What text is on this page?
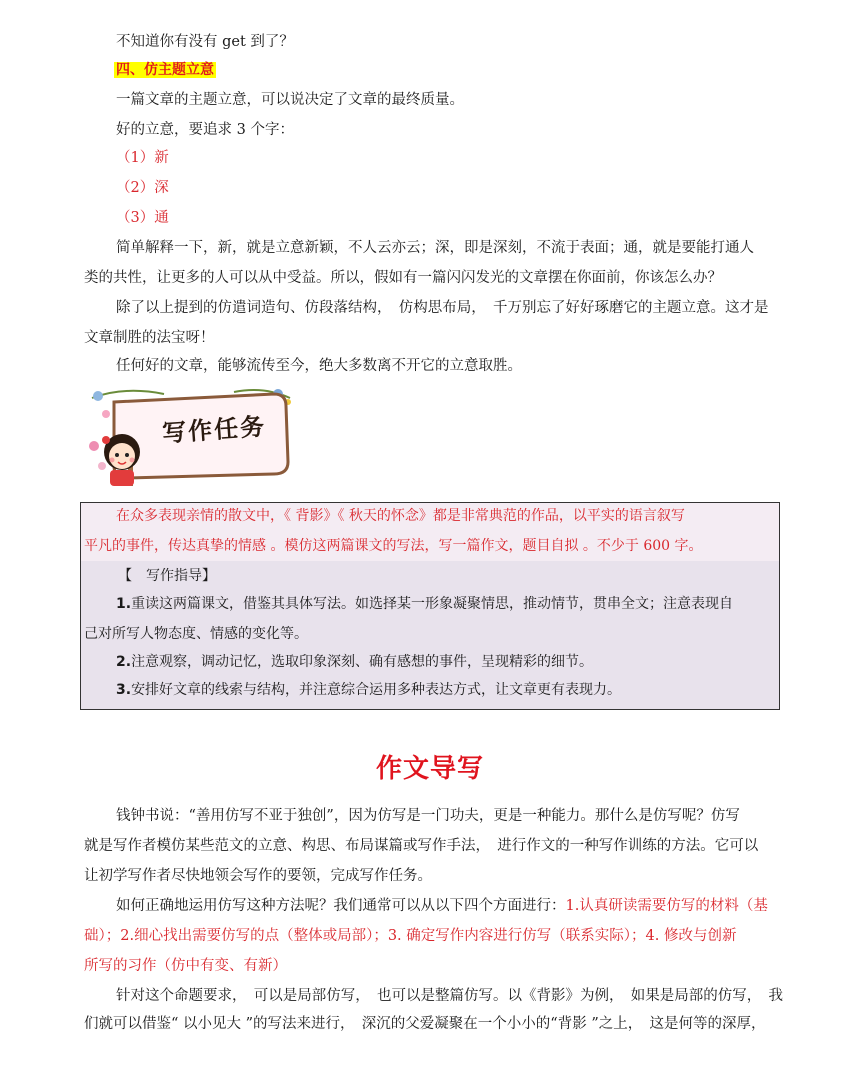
不知道你有没有 get 到了？
四、仿主题立意
一篇文章的主题立意，可以说决定了文章的最终质量。
好的立意，要追求 3 个字：
（1）新
（2）深
（3）通
简单解释一下，新，就是立意新颖，不人云亦云；深，即是深刻，不流于表面；通，就是要能打通人
类的共性，让更多的人可以从中受益。所以，假如有一篇闪闪发光的文章摆在你面前，你该怎么办？
除了以上提到的仿遣词造句、仿段落结构，　仿构思布局，　千万别忘了好好琢磨它的主题立意。这才是
文章制胜的法宝呀！
任何好的文章，能够流传至今，绝大多数离不开它的立意取胜。
写作任务
在众多表现亲情的散文中，《 背影》《 秋天的怀念》都是非常典范的作品，以平实的语言叙写
平凡的事件，传达真挚的情感 。模仿这两篇课文的写法，写一篇作文，题目自拟 。不少于 600 字。
【　写作指导】
1.重读这两篇课文，借鉴其具体写法。如选择某一形象凝聚情思，推动情节，贯串全文；注意表现自
己对所写人物态度、情感的变化等。
2.注意观察，调动记忆，选取印象深刻、确有感想的事件，呈现精彩的细节。
3.安排好文章的线索与结构，并注意综合运用多种表达方式，让文章更有表现力。
作文导写
钱钟书说：“善用仿写不亚于独创”，因为仿写是一门功夫，更是一种能力。那什么是仿写呢？仿写
就是写作者模仿某些范文的立意、构思、布局谋篇或写作手法，　进行作文的一种写作训练的方法。它可以
让初学写作者尽快地领会写作的要领，完成写作任务。
如何正确地运用仿写这种方法呢？我们通常可以从以下四个方面进行：1.认真研读需要仿写的材料（基
础）；2.细心找出需要仿写的点（整体或局部）；3. 确定写作内容进行仿写（联系实际）；4. 修改与创新
所写的习作（仿中有变、有新）
针对这个命题要求，　可以是局部仿写，　也可以是整篇仿写。以《背影》为例，　如果是局部的仿写，　我
们就可以借鉴“ 以小见大 ”的写法来进行，　深沉的父爱凝聚在一个小小的“背影 ”之上，　这是何等的深厚，
